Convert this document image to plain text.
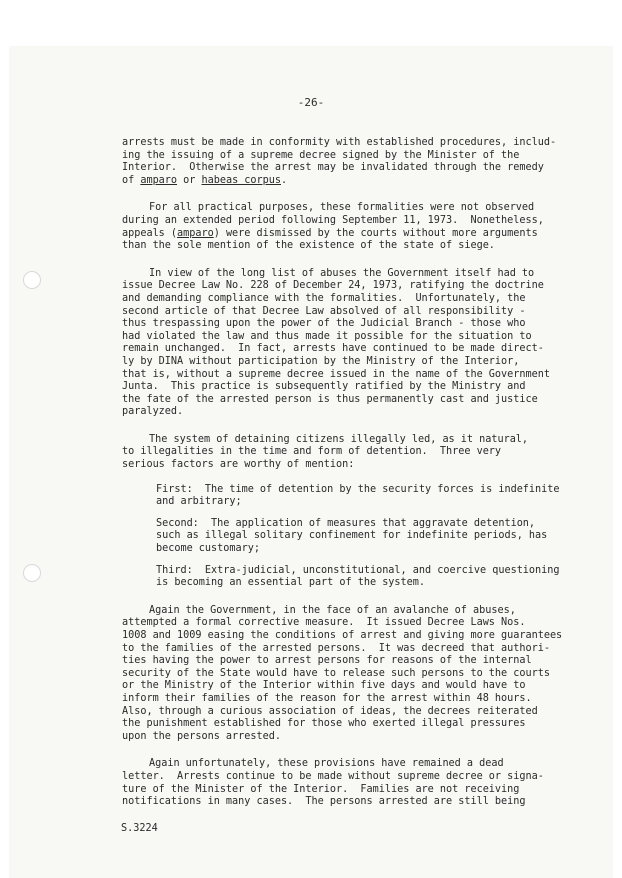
-26-
arrests must be made in conformity with established procedures, includ-
ing the issuing of a supreme decree signed by the Minister of the
Interior.  Otherwise the arrest may be invalidated through the remedy
of amparo or habeas corpus.
For all practical purposes, these formalities were not observed
during an extended period following September 11, 1973.  Nonetheless,
appeals (amparo) were dismissed by the courts without more arguments
than the sole mention of the existence of the state of siege.
In view of the long list of abuses the Government itself had to
issue Decree Law No. 228 of December 24, 1973, ratifying the doctrine
and demanding compliance with the formalities.  Unfortunately, the
second article of that Decree Law absolved of all responsibility -
thus trespassing upon the power of the Judicial Branch - those who
had violated the law and thus made it possible for the situation to
remain unchanged.  In fact, arrests have continued to be made direct-
ly by DINA without participation by the Ministry of the Interior,
that is, without a supreme decree issued in the name of the Government
Junta.  This practice is subsequently ratified by the Ministry and
the fate of the arrested person is thus permanently cast and justice
paralyzed.
The system of detaining citizens illegally led, as it natural,
to illegalities in the time and form of detention.  Three very
serious factors are worthy of mention:
First:  The time of detention by the security forces is indefinite
and arbitrary;
Second:  The application of measures that aggravate detention,
such as illegal solitary confinement for indefinite periods, has
become customary;
Third:  Extra-judicial, unconstitutional, and coercive questioning
is becoming an essential part of the system.
Again the Government, in the face of an avalanche of abuses,
attempted a formal corrective measure.  It issued Decree Laws Nos.
1008 and 1009 easing the conditions of arrest and giving more guarantees
to the families of the arrested persons.  It was decreed that authori-
ties having the power to arrest persons for reasons of the internal
security of the State would have to release such persons to the courts
or the Ministry of the Interior within five days and would have to
inform their families of the reason for the arrest within 48 hours.
Also, through a curious association of ideas, the decrees reiterated
the punishment established for those who exerted illegal pressures
upon the persons arrested.
Again unfortunately, these provisions have remained a dead
letter.  Arrests continue to be made without supreme decree or signa-
ture of the Minister of the Interior.  Families are not receiving
notifications in many cases.  The persons arrested are still being
S.3224
